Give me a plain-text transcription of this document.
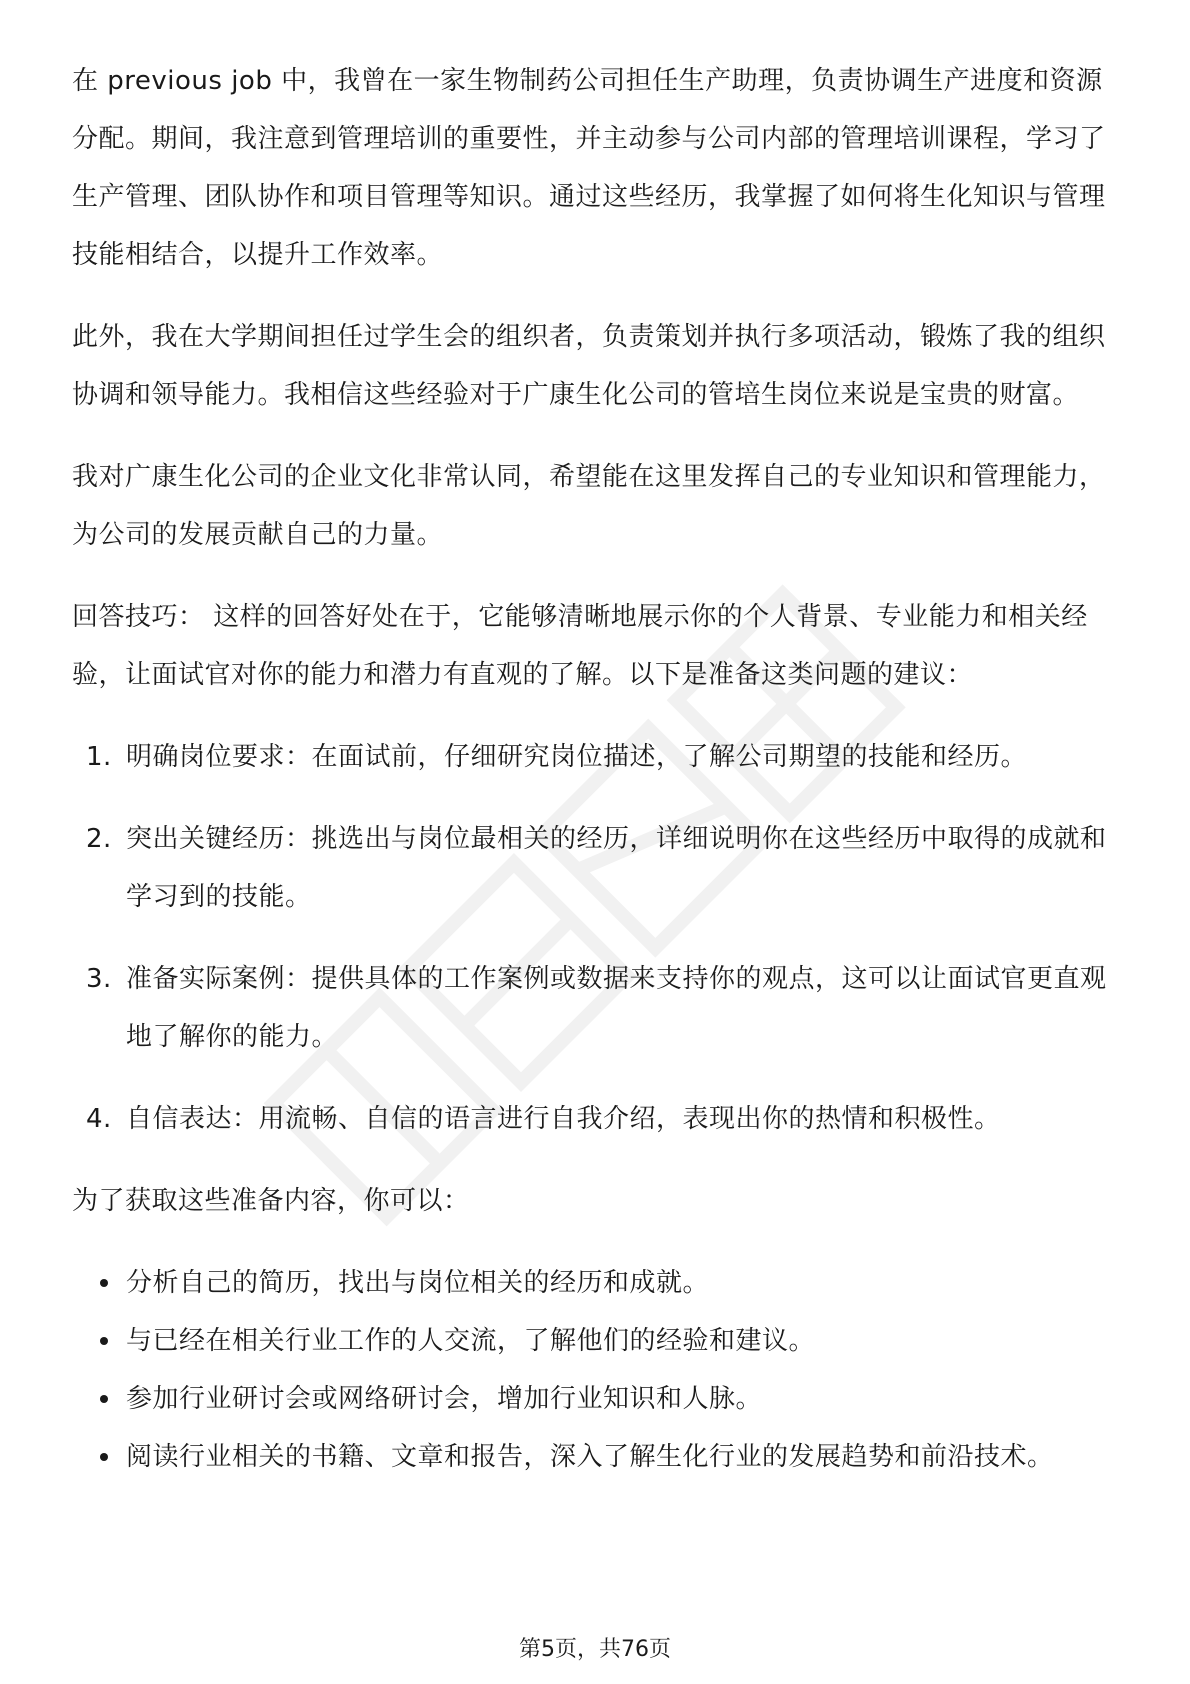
在 previous job 中，我曾在一家生物制药公司担任生产助理，负责协调生产进度和资源分配。期间，我注意到管理培训的重要性，并主动参与公司内部的管理培训课程，学习了生产管理、团队协作和项目管理等知识。通过这些经历，我掌握了如何将生化知识与管理技能相结合，以提升工作效率。

此外，我在大学期间担任过学生会的组织者，负责策划并执行多项活动，锻炼了我的组织协调和领导能力。我相信这些经验对于广康生化公司的管培生岗位来说是宝贵的财富。

我对广康生化公司的企业文化非常认同，希望能在这里发挥自己的专业知识和管理能力，为公司的发展贡献自己的力量。

回答技巧： 这样的回答好处在于，它能够清晰地展示你的个人背景、专业能力和相关经验，让面试官对你的能力和潜力有直观的了解。以下是准备这类问题的建议：

1. 明确岗位要求：在面试前，仔细研究岗位描述，了解公司期望的技能和经历。
2. 突出关键经历：挑选出与岗位最相关的经历，详细说明你在这些经历中取得的成就和学习到的技能。
3. 准备实际案例：提供具体的工作案例或数据来支持你的观点，这可以让面试官更直观地了解你的能力。
4. 自信表达：用流畅、自信的语言进行自我介绍，表现出你的热情和积极性。

为了获取这些准备内容，你可以：

分析自己的简历，找出与岗位相关的经历和成就。
与已经在相关行业工作的人交流，了解他们的经验和建议。
参加行业研讨会或网络研讨会，增加行业知识和人脉。
阅读行业相关的书籍、文章和报告，深入了解生化行业的发展趋势和前沿技术。
第5页，共76页
